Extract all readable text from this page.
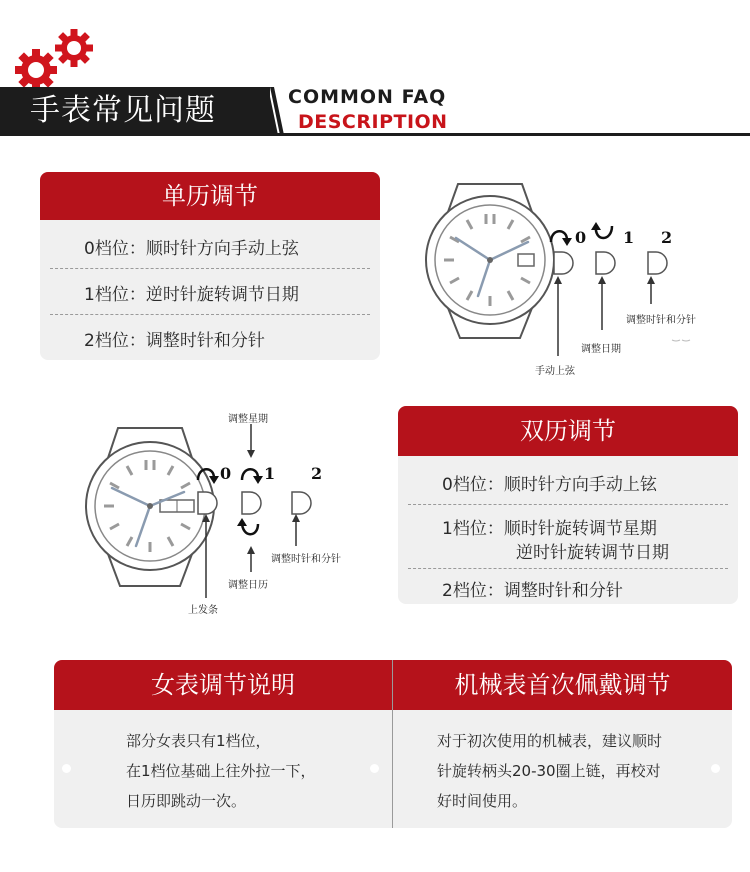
手表常见问题	COMMON FAQ
DESCRIPTION
单历调节
0档位：顺时针方向手动上弦
1档位：逆时针旋转调节日期
2档位：调整时针和分针
0 1 2
调整时针和分针
调整日期
手动上弦
0 1 2
调整星期
调整时针和分针
调整日历
上发条
双历调节
0档位：顺时针方向手动上铉
1档位：顺时针旋转调节星期
逆时针旋转调节日期
2档位：调整时针和分针
女表调节说明
部分女表只有1档位，
在1档位基础上往外拉一下，
日历即跳动一次。
机械表首次佩戴调节
对于初次使用的机械表，建议顺时
针旋转柄头20-30圈上链，再校对
好时间使用。
